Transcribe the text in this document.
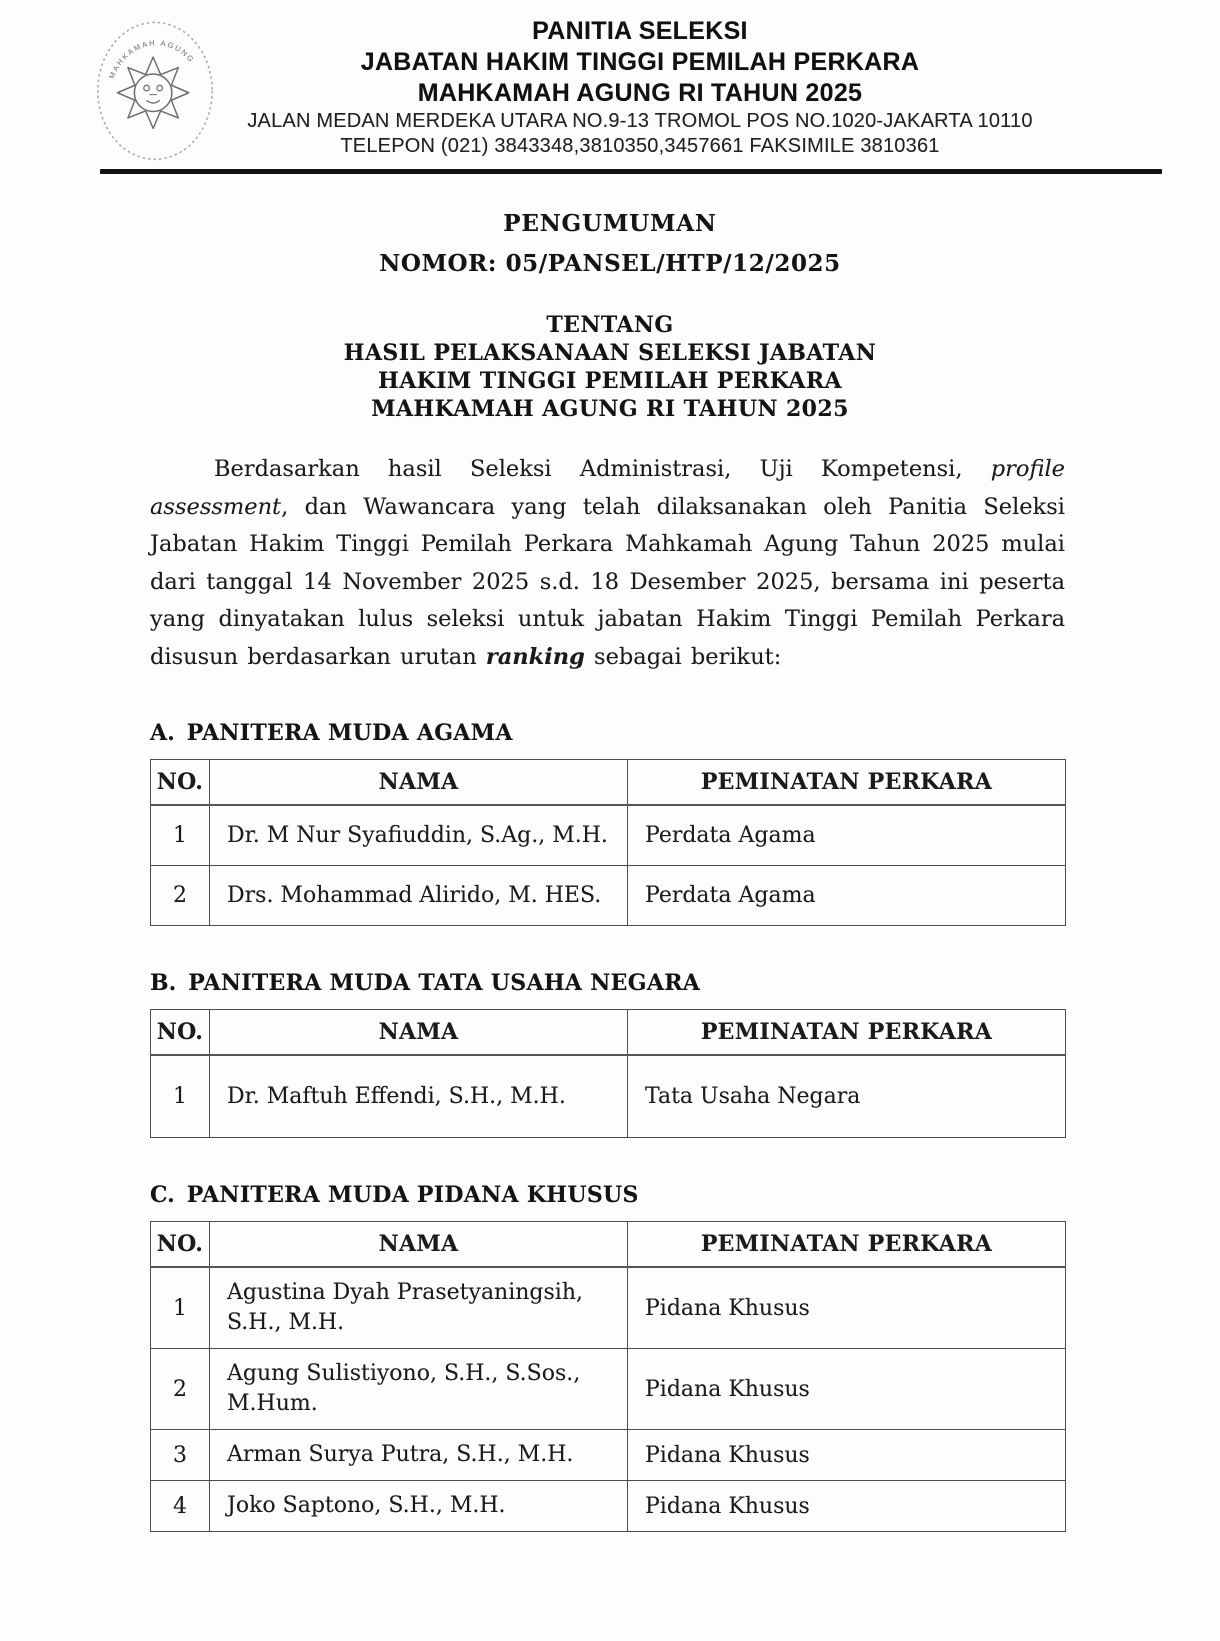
MAHKAMAH AGUNG
PANITIA SELEKSI
JABATAN HAKIM TINGGI PEMILAH PERKARA
MAHKAMAH AGUNG RI TAHUN 2025
JALAN MEDAN MERDEKA UTARA NO.9-13 TROMOL POS NO.1020-JAKARTA 10110
TELEPON (021) 3843348,3810350,3457661 FAKSIMILE 3810361
PENGUMUMAN
NOMOR: 05/PANSEL/HTP/12/2025
TENTANG
HASIL PELAKSANAAN SELEKSI JABATAN
HAKIM TINGGI PEMILAH PERKARA
MAHKAMAH AGUNG RI TAHUN 2025

Berdasarkan hasil Seleksi Administrasi, Uji Kompetensi, profile assessment, dan Wawancara yang telah dilaksanakan oleh Panitia Seleksi Jabatan Hakim Tinggi Pemilah Perkara Mahkamah Agung Tahun 2025 mulai dari tanggal 14 November 2025 s.d. 18 Desember 2025, bersama ini peserta yang dinyatakan lulus seleksi untuk jabatan Hakim Tinggi Pemilah Perkara disusun berdasarkan urutan ranking sebagai berikut:

A. PANITERA MUDA AGAMA
NO.	NAMA	PEMINATAN PERKARA
1	Dr. M Nur Syafiuddin, S.Ag., M.H.	Perdata Agama
2	Drs. Mohammad Alirido, M. HES.	Perdata Agama
B. PANITERA MUDA TATA USAHA NEGARA
NO.	NAMA	PEMINATAN PERKARA
1	Dr. Maftuh Effendi, S.H., M.H.	Tata Usaha Negara
C. PANITERA MUDA PIDANA KHUSUS
NO.	NAMA	PEMINATAN PERKARA
1	Agustina Dyah Prasetyaningsih, S.H., M.H.	Pidana Khusus
2	Agung Sulistiyono, S.H., S.Sos., M.Hum.	Pidana Khusus
3	Arman Surya Putra, S.H., M.H.	Pidana Khusus
4	Joko Saptono, S.H., M.H.	Pidana Khusus
